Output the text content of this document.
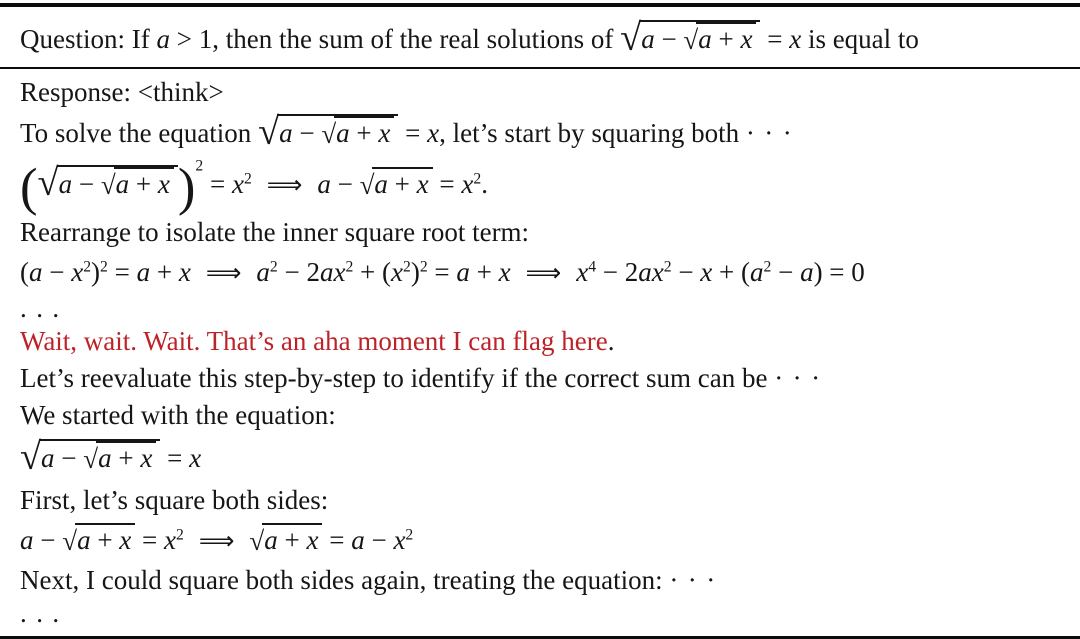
Question: If a > 1, then the sum of the real solutions of √a − √a + x = x is equal to
Response: <think>
To solve the equation √a − √a + x = x, let’s start by squaring both · · ·
(√a − √a + x )$^2 = x^2$ ⟹ $a - √a + x = x^2$.
Rearrange to isolate the inner square root term:
$(a - x^2)^2 = a + x$ ⟹ $a^2 - 2ax^2 + (x^2)^2 = a + x$ ⟹ $x^4 - 2ax^2 - x + (a^2 - a) = 0$
. . .
Wait, wait. Wait. That’s an aha moment I can flag here.
Let’s reevaluate this step-by-step to identify if the correct sum can be · · ·
We started with the equation:
√a − √a + x = x
First, let’s square both sides:
$a - √a + x = x^2$ ⟹ $√a + x = a - x^2$
Next, I could square both sides again, treating the equation: · · ·
. . .
